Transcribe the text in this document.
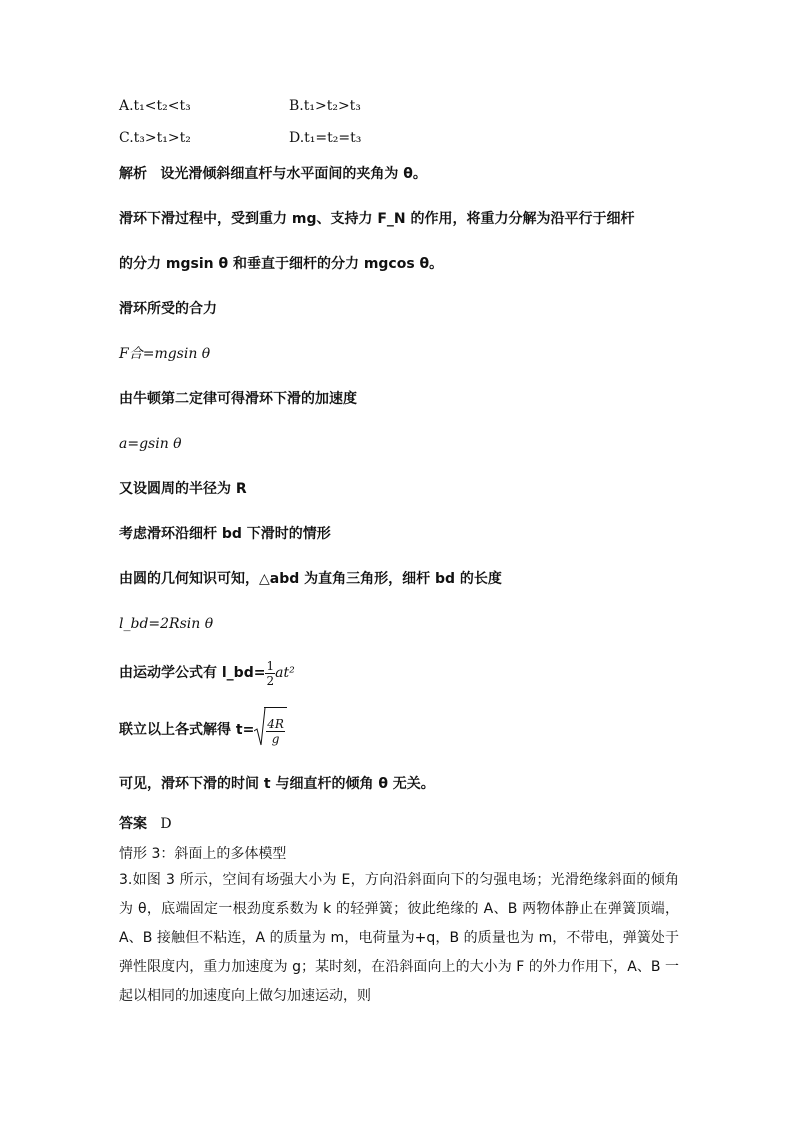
A.t₁<t₂<t₃	B.t₁>t₂>t₃
C.t₃>t₁>t₂	D.t₁=t₂=t₃
解析 设光滑倾斜细直杆与水平面间的夹角为 θ。
滑环下滑过程中，受到重力 mg、支持力 F_N 的作用，将重力分解为沿平行于细杆
的分力 mgsin θ 和垂直于细杆的分力 mgcos θ。
滑环所受的合力
F合=mgsin θ
由牛顿第二定律可得滑环下滑的加速度
a=gsin θ
又设圆周的半径为 R
考虑滑环沿细杆 bd 下滑时的情形
由圆的几何知识可知，△abd 为直角三角形，细杆 bd 的长度
l_bd=2Rsin θ
由运动学公式有 l_bd= $\frac{1}{2} at^2$
联立以上各式解得 $t= \frac{4R}{g}$
可见，滑环下滑的时间 t 与细直杆的倾角 θ 无关。
答案 D
情形 3：斜面上的多体模型
3.如图 3 所示，空间有场强大小为 E，方向沿斜面向下的匀强电场；光滑绝缘斜面的倾角为 θ，底端固定一根劲度系数为 k 的轻弹簧；彼此绝缘的 A、B 两物体静止在弹簧顶端，A、B 接触但不粘连，A 的质量为 m，电荷量为+q，B 的质量也为 m，不带电，弹簧处于弹性限度内，重力加速度为 g；某时刻，在沿斜面向上的大小为 F 的外力作用下，A、B 一起以相同的加速度向上做匀加速运动，则
